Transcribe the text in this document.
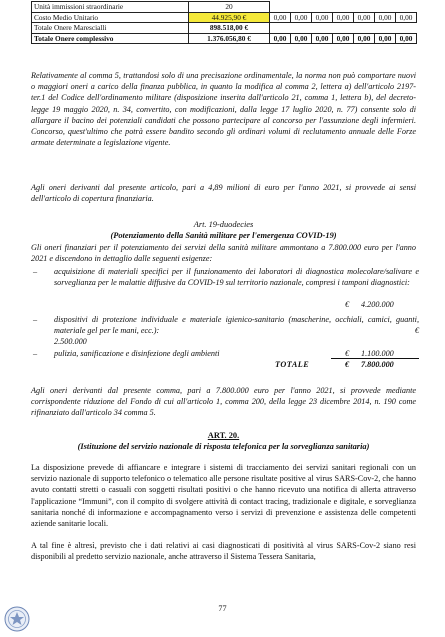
Unità immissioni straordinarie	20							
Costo Medio Unitario	44.925,90 €	0,00	0,00	0,00	0,00	0,00	0,00	0,00
Totale Onere Marescialli	898.518,00 €							
Totale Onere complessivo	1.376.056,80 €	0,00	0,00	0,00	0,00	0,00	0,00	0,00
Relativamente al comma 5, trattandosi solo di una precisazione ordinamentale, la norma non può comportare nuovi o maggiori oneri a carico della finanza pubblica, in quanto la modifica al comma 2, lettera a) dell'articolo 2197-ter.1 del Codice dell'ordinamento militare (disposizione inserita dall'articolo 21, comma 1, lettera b), del decreto-legge 19 maggio 2020, n. 34, convertito, con modificazioni, dalla legge 17 luglio 2020, n. 77) consente solo di allargare il bacino dei potenziali candidati che possono partecipare al concorso per l'assunzione degli infermieri. Concorso, quest'ultimo che potrà essere bandito secondo gli ordinari volumi di reclutamento annuale delle Forze armate determinate a legislazione vigente.
Agli oneri derivanti dal presente articolo, pari a 4,89 milioni di euro per l'anno 2021, si provvede ai sensi dell'articolo di copertura finanziaria.
Art. 19-duodecies
(Potenziamento della Sanità militare per l'emergenza COVID-19)
Gli oneri finanziari per il potenziamento dei servizi della sanità militare ammontano a 7.800.000 euro per l'anno 2021 e discendono in dettaglio dalle seguenti esigenze:
– acquisizione di materiali specifici per il funzionamento dei laboratori di diagnostica molecolare/salivare e sorveglianza per le malattie diffusive da COVID-19 sul territorio nazionale, compresi i tamponi diagnostici:
€ 4.200.000
– dispositivi di protezione individuale e materiale igienico-sanitario (mascherine, occhiali, camici, guanti, materiale gel per le mani, ecc.):	€
2.500.000
– pulizia, sanificazione e disinfezione degli ambienti	€ 1.100.000
TOTALE	€ 7.800.000
Agli oneri derivanti dal presente comma, pari a 7.800.000 euro per l'anno 2021, si provvede mediante corrispondente riduzione del Fondo di cui all'articolo 1, comma 200, della legge 23 dicembre 2014, n. 190 come rifinanziato dall'articolo 34 comma 5.
ART. 20.
(Istituzione del servizio nazionale di risposta telefonica per la sorveglianza sanitaria)
La disposizione prevede di affiancare e integrare i sistemi di tracciamento dei servizi sanitari regionali con un servizio nazionale di supporto telefonico o telematico alle persone risultate positive al virus SARS-Cov-2, che hanno avuto contatti stretti o casuali con soggetti risultati positivi o che hanno ricevuto una notifica di allerta attraverso l'applicazione “Immuni”, con il compito di svolgere attività di contact tracing, tradizionale e digitale, e sorveglianza sanitaria nonché di informazione e accompagnamento verso i servizi di prevenzione e assistenza delle competenti aziende sanitarie locali.
A tal fine è altresì, previsto che i dati relativi ai casi diagnosticati di positività al virus SARS-Cov-2 siano resi disponibili al predetto servizio nazionale, anche attraverso il Sistema Tessera Sanitaria,
77
